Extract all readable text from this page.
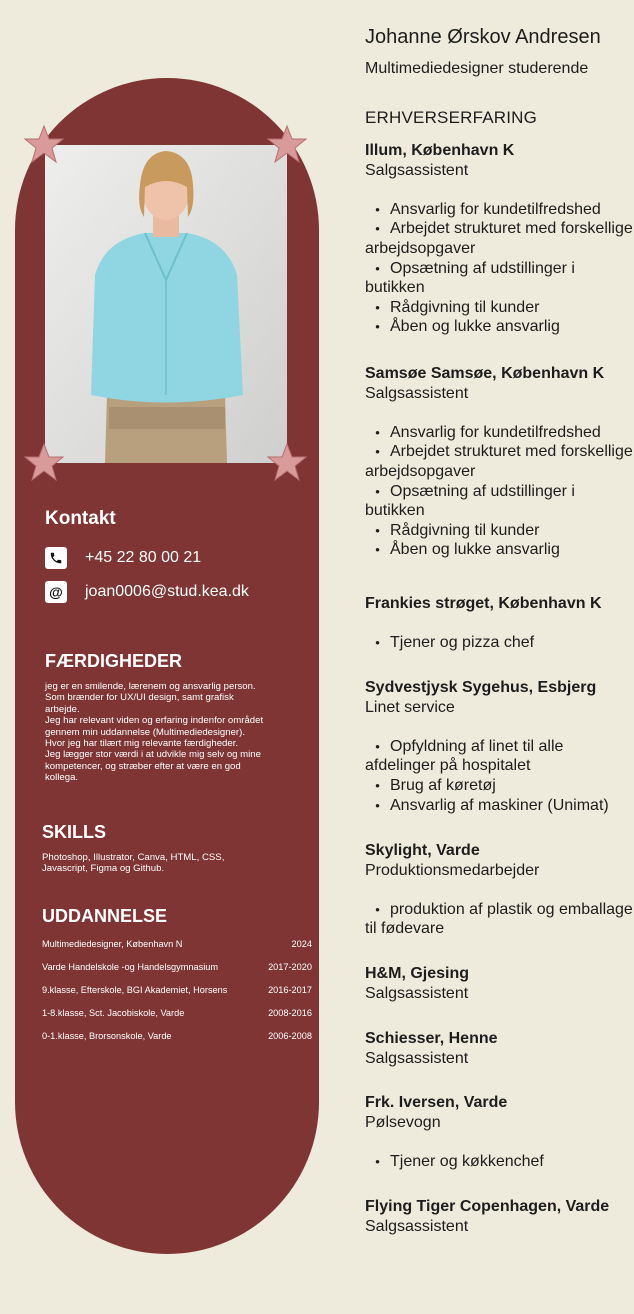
Kontakt
+45 22 80 00 21
@ joan0006@stud.kea.dk
FÆRDIGHEDER
jeg er en smilende, lærenem og ansvarlig person.
Som brænder for UX/UI design, samt grafisk
arbejde.
Jeg har relevant viden og erfaring indenfor området
gennem min uddannelse (Multimediedesigner).
Hvor jeg har tilært mig relevante færdigheder.
Jeg lægger stor værdi i at udvikle mig selv og mine
kompetencer, og stræber efter at være en god
kollega.
SKILLS
Photoshop, Illustrator, Canva, HTML, CSS,
Javascript, Figma og Github.
UDDANNELSE
Multimediedesigner, København N	2024
Varde Handelskole -og Handelsgymnasium	2017-2020
9.klasse, Efterskole, BGI Akademiet, Horsens	2016-2017
1-8.klasse, Sct. Jacobiskole, Varde	2008-2016
0-1.klasse, Brorsonskole, Varde	2006-2008
Johanne Ørskov Andresen
Multimediedesigner studerende
ERHVERSERFARING
Illum, København K
Salgsassistent
• Ansvarlig for kundetilfredshed
• Arbejdet strukturet med forskellige arbejdsopgaver
• Opsætning af udstillinger i butikken
• Rådgivning til kunder
• Åben og lukke ansvarlig
Samsøe Samsøe, København K
Salgsassistent
• Ansvarlig for kundetilfredshed
• Arbejdet strukturet med forskellige arbejdsopgaver
• Opsætning af udstillinger i butikken
• Rådgivning til kunder
• Åben og lukke ansvarlig
Frankies strøget, København K
• Tjener og pizza chef
Sydvestjysk Sygehus, Esbjerg
Linet service
• Opfyldning af linet til alle afdelinger på hospitalet
• Brug af køretøj
• Ansvarlig af maskiner (Unimat)
Skylight, Varde
Produktionsmedarbejder
• produktion af plastik og emballage til fødevare
H&M, Gjesing
Salgsassistent
Schiesser, Henne
Salgsassistent
Frk. Iversen, Varde
Pølsevogn
• Tjener og køkkenchef
Flying Tiger Copenhagen, Varde
Salgsassistent
